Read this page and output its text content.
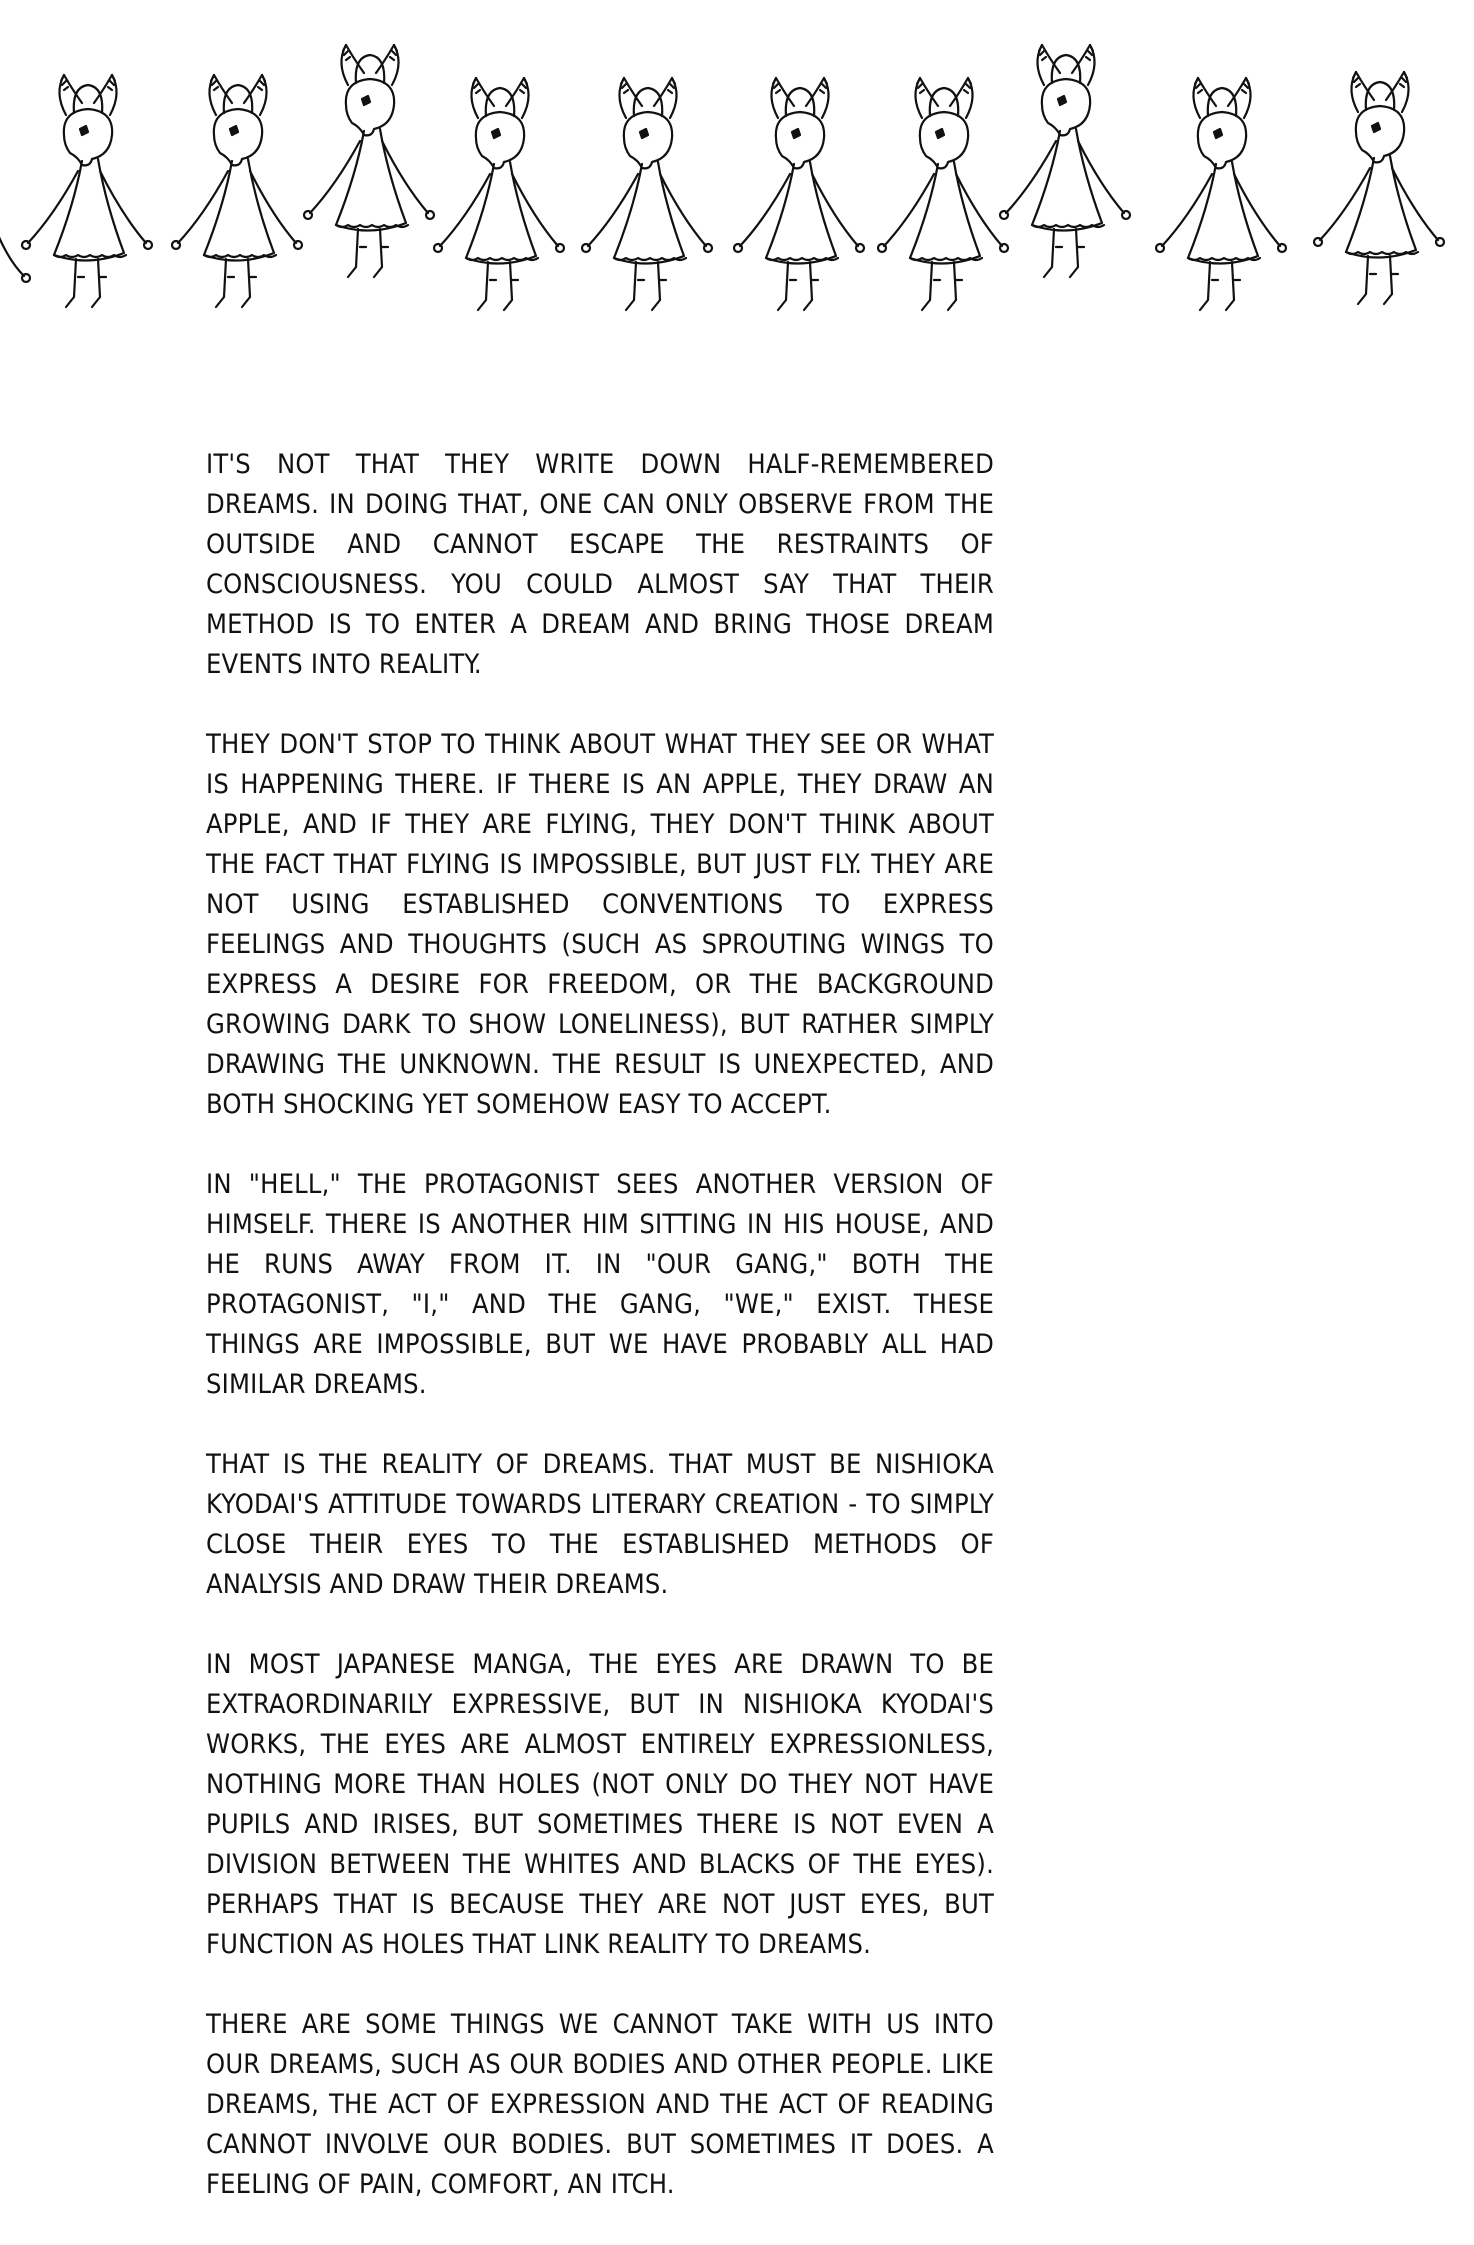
IT'S NOT THAT THEY WRITE DOWN HALF-REMEMBERED DREAMS. IN DOING THAT, ONE CAN ONLY OBSERVE FROM THE OUTSIDE AND CANNOT ESCAPE THE RESTRAINTS OF CONSCIOUSNESS. YOU COULD ALMOST SAY THAT THEIR METHOD IS TO ENTER A DREAM AND BRING THOSE DREAM EVENTS INTO REALITY.

THEY DON'T STOP TO THINK ABOUT WHAT THEY SEE OR WHAT IS HAPPENING THERE. IF THERE IS AN APPLE, THEY DRAW AN APPLE, AND IF THEY ARE FLYING, THEY DON'T THINK ABOUT THE FACT THAT FLYING IS IMPOSSIBLE, BUT JUST FLY. THEY ARE NOT USING ESTABLISHED CONVENTIONS TO EXPRESS FEELINGS AND THOUGHTS (SUCH AS SPROUTING WINGS TO EXPRESS A DESIRE FOR FREEDOM, OR THE BACKGROUND GROWING DARK TO SHOW LONELINESS), BUT RATHER SIMPLY DRAWING THE UNKNOWN. THE RESULT IS UNEXPECTED, AND BOTH SHOCKING YET SOMEHOW EASY TO ACCEPT.

IN "HELL," THE PROTAGONIST SEES ANOTHER VERSION OF HIMSELF. THERE IS ANOTHER HIM SITTING IN HIS HOUSE, AND HE RUNS AWAY FROM IT. IN "OUR GANG," BOTH THE PROTAGONIST, "I," AND THE GANG, "WE," EXIST. THESE THINGS ARE IMPOSSIBLE, BUT WE HAVE PROBABLY ALL HAD SIMILAR DREAMS.

THAT IS THE REALITY OF DREAMS. THAT MUST BE NISHIOKA KYODAI'S ATTITUDE TOWARDS LITERARY CREATION - TO SIMPLY CLOSE THEIR EYES TO THE ESTABLISHED METHODS OF ANALYSIS AND DRAW THEIR DREAMS.

IN MOST JAPANESE MANGA, THE EYES ARE DRAWN TO BE EXTRAORDINARILY EXPRESSIVE, BUT IN NISHIOKA KYODAI'S WORKS, THE EYES ARE ALMOST ENTIRELY EXPRESSIONLESS, NOTHING MORE THAN HOLES (NOT ONLY DO THEY NOT HAVE PUPILS AND IRISES, BUT SOMETIMES THERE IS NOT EVEN A DIVISION BETWEEN THE WHITES AND BLACKS OF THE EYES). PERHAPS THAT IS BECAUSE THEY ARE NOT JUST EYES, BUT FUNCTION AS HOLES THAT LINK REALITY TO DREAMS.

THERE ARE SOME THINGS WE CANNOT TAKE WITH US INTO OUR DREAMS, SUCH AS OUR BODIES AND OTHER PEOPLE. LIKE DREAMS, THE ACT OF EXPRESSION AND THE ACT OF READING CANNOT INVOLVE OUR BODIES. BUT SOMETIMES IT DOES. A FEELING OF PAIN, COMFORT, AN ITCH.
